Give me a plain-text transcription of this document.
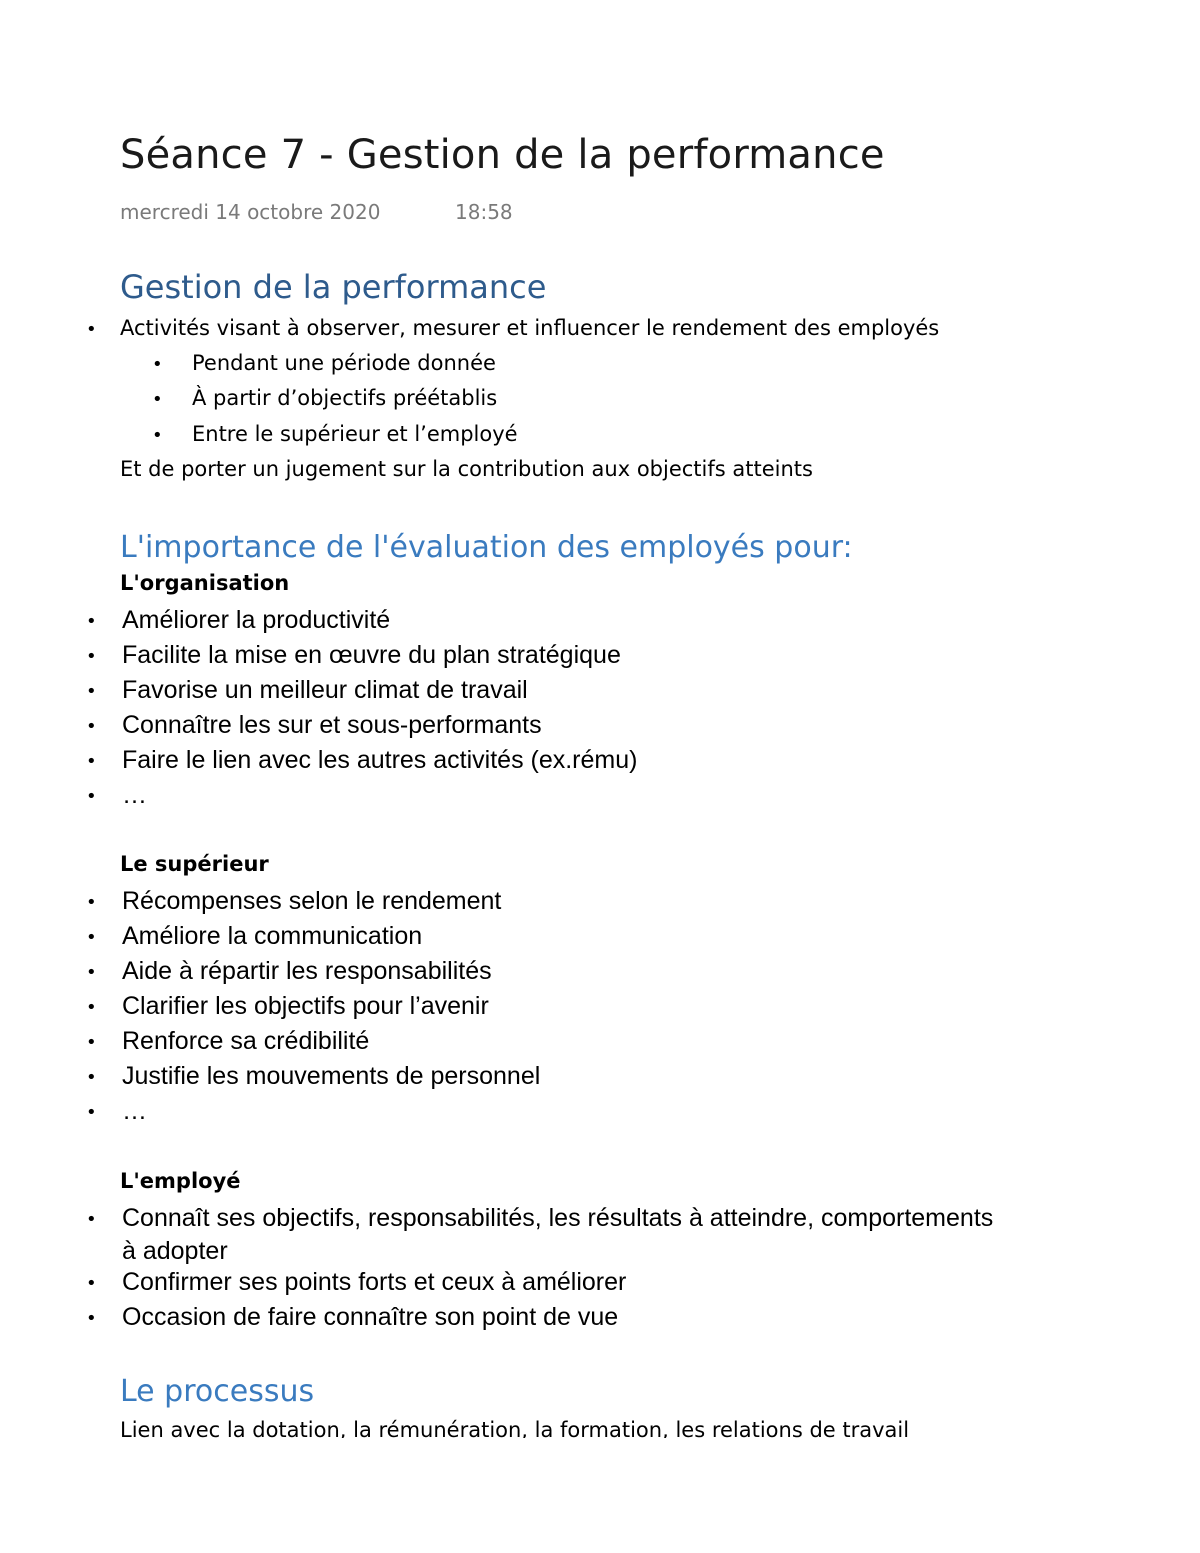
Séance 7 - Gestion de la performance
mercredi 14 octobre 2020	18:58
Gestion de la performance
• Activités visant à observer, mesurer et influencer le rendement des employés
• Pendant une période donnée
• À partir d’objectifs préétablis
• Entre le supérieur et l’employé
Et de porter un jugement sur la contribution aux objectifs atteints
L'importance de l'évaluation des employés pour:
L'organisation
• Améliorer la productivité
• Facilite la mise en œuvre du plan stratégique
• Favorise un meilleur climat de travail
• Connaître les sur et sous-performants
• Faire le lien avec les autres activités (ex.rému)
• …
Le supérieur
• Récompenses selon le rendement
• Améliore la communication
• Aide à répartir les responsabilités
• Clarifier les objectifs pour l’avenir
• Renforce sa crédibilité
• Justifie les mouvements de personnel
• …
L'employé
• Connaît ses objectifs, responsabilités, les résultats à atteindre, comportements
à adopter
• Confirmer ses points forts et ceux à améliorer
• Occasion de faire connaître son point de vue
Le processus
Lien avec la dotation, la rémunération, la formation, les relations de travail
